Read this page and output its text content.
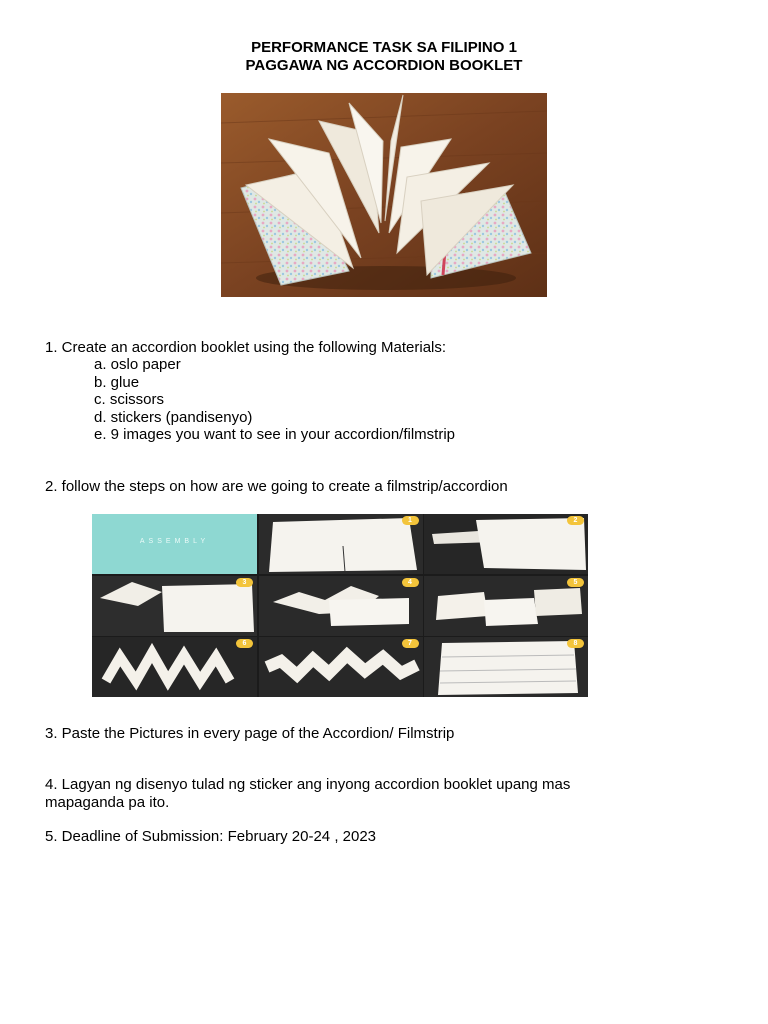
PERFORMANCE TASK SA FILIPINO 1
PAGGAWA NG ACCORDION BOOKLET
1. Create an accordion booklet using the following Materials:
a. oslo paper
b. glue
c. scissors
d. stickers (pandisenyo)
e. 9 images you want to see in your accordion/filmstrip
2. follow the steps on how are we going to create a filmstrip/accordion
ASSEMBLY
1	2
3	4	5
6	7	8
3. Paste the Pictures in every page of the Accordion/ Filmstrip
4. Lagyan ng disenyo tulad ng sticker ang inyong accordion booklet upang mas
mapaganda pa ito.
5. Deadline of Submission: February 20-24 , 2023
